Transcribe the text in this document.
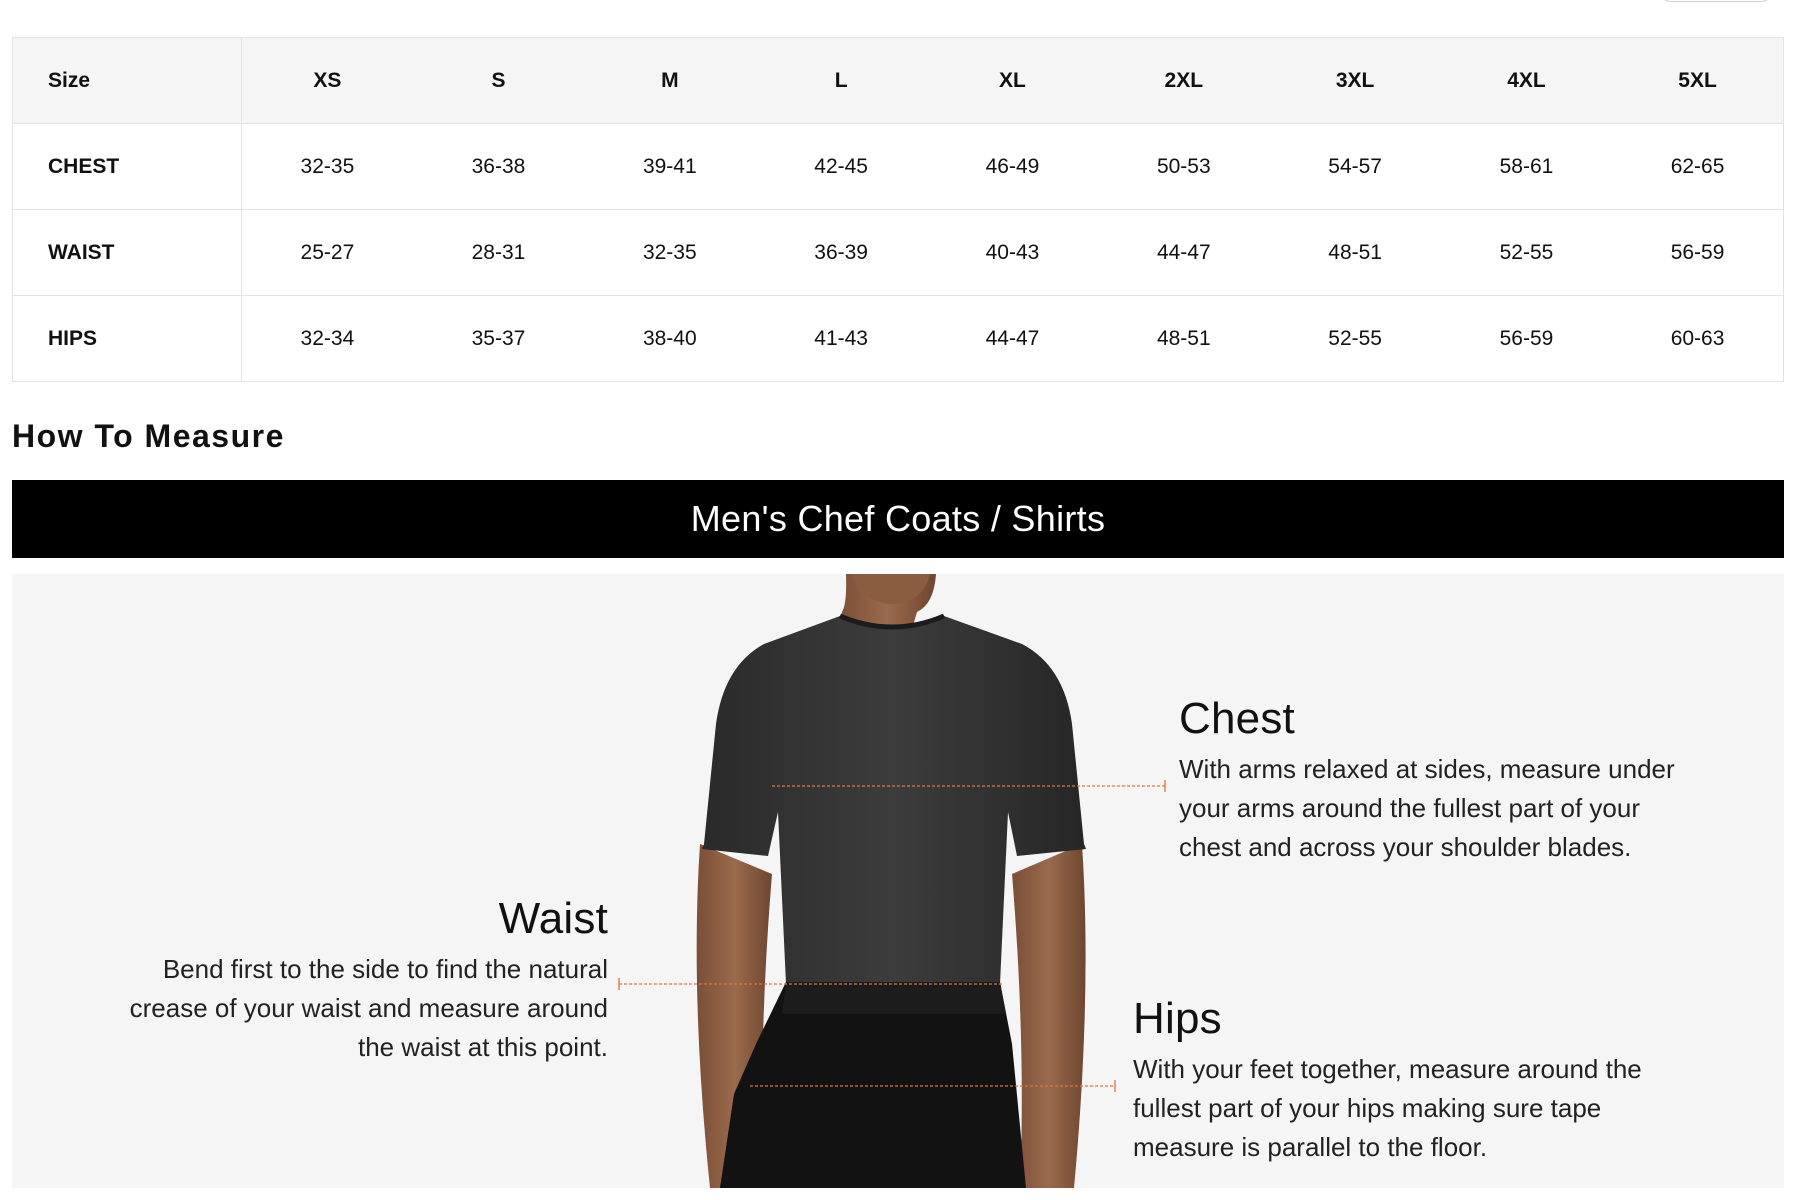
Size	XS	S	M	L	XL	2XL	3XL	4XL	5XL
CHEST	32-35	36-38	39-41	42-45	46-49	50-53	54-57	58-61	62-65
WAIST	25-27	28-31	32-35	36-39	40-43	44-47	48-51	52-55	56-59
HIPS	32-34	35-37	38-40	41-43	44-47	48-51	52-55	56-59	60-63
How To Measure
Men's Chef Coats / Shirts
Chest

With arms relaxed at sides, measure under your arms around the fullest part of your chest and across your shoulder blades.

Waist

Bend first to the side to find the natural crease of your waist and measure around the waist at this point.

Hips

With your feet together, measure around the fullest part of your hips making sure tape measure is parallel to the floor.
